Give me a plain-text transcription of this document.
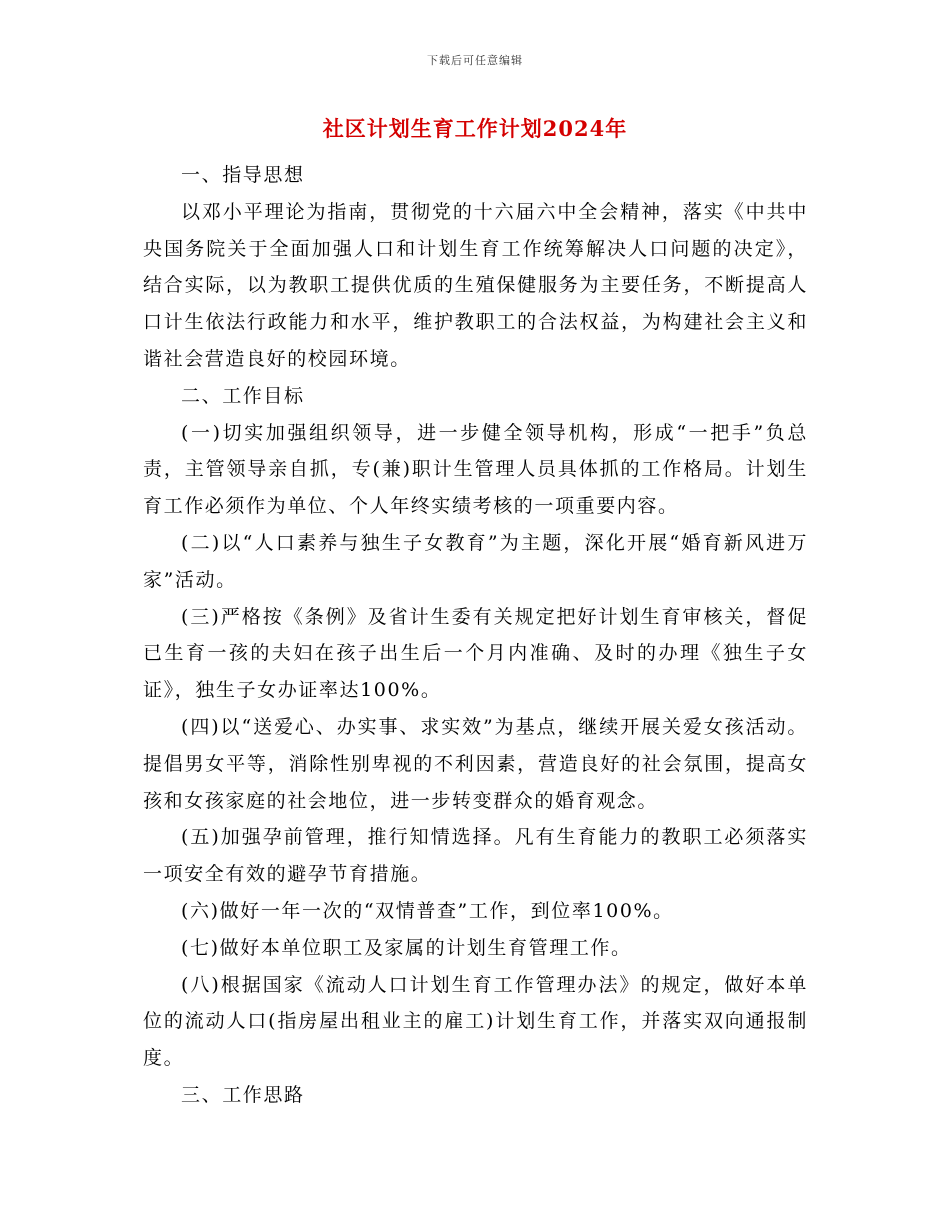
下载后可任意编辑
社区计划生育工作计划2024年

一、指导思想

以邓小平理论为指南，贯彻党的十六届六中全会精神，落实《中共中央国务院关于全面加强人口和计划生育工作统筹解决人口问题的决定》，结合实际，以为教职工提供优质的生殖保健服务为主要任务，不断提高人口计生依法行政能力和水平，维护教职工的合法权益，为构建社会主义和谐社会营造良好的校园环境。

二、工作目标

(一)切实加强组织领导，进一步健全领导机构，形成“一把手”负总责，主管领导亲自抓，专(兼)职计生管理人员具体抓的工作格局。计划生育工作必须作为单位、个人年终实绩考核的一项重要内容。

(二)以“人口素养与独生子女教育”为主题，深化开展“婚育新风进万家”活动。

(三)严格按《条例》及省计生委有关规定把好计划生育审核关，督促已生育一孩的夫妇在孩子出生后一个月内准确、及时的办理《独生子女证》，独生子女办证率达100%。

(四)以“送爱心、办实事、求实效”为基点，继续开展关爱女孩活动。提倡男女平等，消除性别卑视的不利因素，营造良好的社会氛围，提高女孩和女孩家庭的社会地位，进一步转变群众的婚育观念。

(五)加强孕前管理，推行知情选择。凡有生育能力的教职工必须落实一项安全有效的避孕节育措施。

(六)做好一年一次的“双情普查”工作，到位率100%。

(七)做好本单位职工及家属的计划生育管理工作。

(八)根据国家《流动人口计划生育工作管理办法》的规定，做好本单位的流动人口(指房屋出租业主的雇工)计划生育工作，并落实双向通报制度。

三、工作思路
